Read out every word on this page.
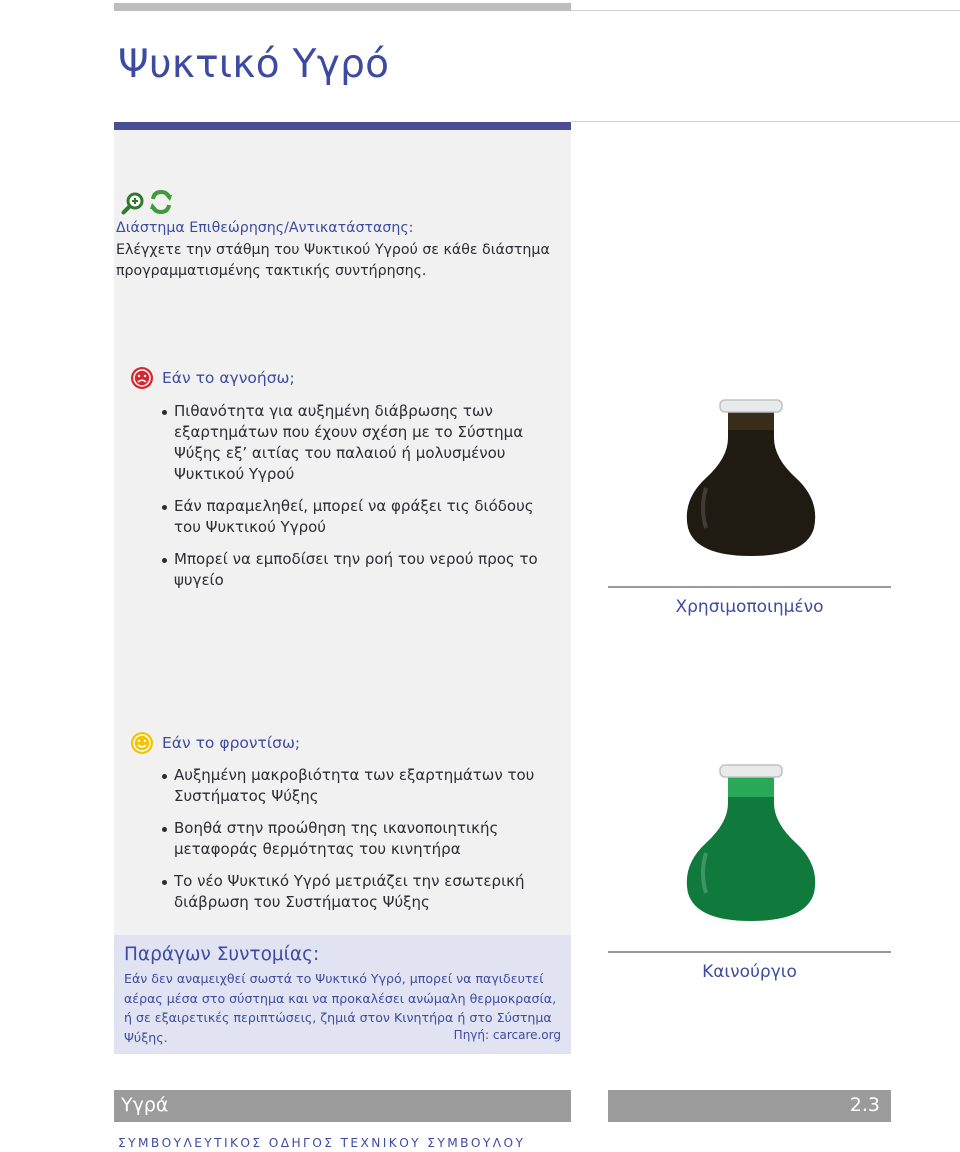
Ψυκτικό Υγρό
Διάστημα Επιθεώρησης/Αντικατάστασης:
Ελέγχετε την στάθμη του Ψυκτικού Υγρού σε κάθε διάστημα προγραμματισμένης τακτικής συντήρησης.
Εάν το αγνοήσω;
Πιθανότητα για αυξημένη διάβρωσης των εξαρτημάτων που έχουν σχέση με το Σύστημα Ψύξης εξ’ αιτίας του παλαιού ή μολυσμένου Ψυκτικού Υγρού
Εάν παραμεληθεί, μπορεί να φράξει τις διόδους του Ψυκτικού Υγρού
Μπορεί να εμποδίσει την ροή του νερού προς το ψυγείο
Χρησιμοποιημένο
Εάν το φροντίσω;
Αυξημένη μακροβιότητα των εξαρτημάτων του Συστήματος Ψύξης
Βοηθά στην προώθηση της ικανοποιητικής μεταφοράς θερμότητας του κινητήρα
Το νέο Ψυκτικό Υγρό μετριάζει την εσωτερική διάβρωση του Συστήματος Ψύξης
Καινούργιο
Παράγων Συντομίας:
Εάν δεν αναμειχθεί σωστά το Ψυκτικό Υγρό, μπορεί να παγιδευτεί αέρας μέσα στο σύστημα και να προκαλέσει ανώμαλη θερμοκρασία, ή σε εξαιρετικές περιπτώσεις, ζημιά στον Κινητήρα ή στο Σύστημα Ψύξης.	Πηγή: carcare.org
Υγρά	2.3
ΣΥΜΒΟΥΛΕΥΤΙΚΟΣ ΟΔΗΓΟΣ ΤΕΧΝΙΚΟΥ ΣΥΜΒΟΥΛΟΥ
